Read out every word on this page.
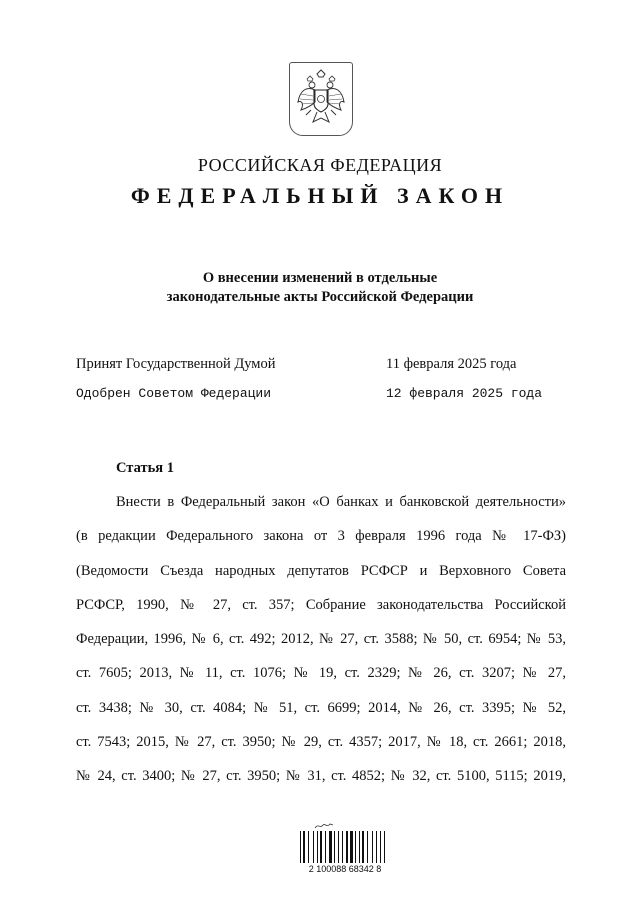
РОССИЙСКАЯ ФЕДЕРАЦИЯ
ФЕДЕРАЛЬНЫЙ ЗАКОН
О внесении изменений в отдельные
законодательные акты Российской Федерации
Принят Государственной Думой	11 февраля 2025 года
Одобрен Советом Федерации	12 февраля 2025 года
Статья 1
Внести в Федеральный закон «О банках и банковской деятельности»
(в редакции Федерального закона от 3 февраля 1996 года № 17-ФЗ)
(Ведомости Съезда народных депутатов РСФСР и Верховного Совета
РСФСР, 1990, № 27, ст. 357; Собрание законодательства Российской
Федерации, 1996, № 6, ст. 492; 2012, № 27, ст. 3588; № 50, ст. 6954; № 53,
ст. 7605; 2013, № 11, ст. 1076; № 19, ст. 2329; № 26, ст. 3207; № 27,
ст. 3438; № 30, ст. 4084; № 51, ст. 6699; 2014, № 26, ст. 3395; № 52,
ст. 7543; 2015, № 27, ст. 3950; № 29, ст. 4357; 2017, № 18, ст. 2661; 2018,
№ 24, ст. 3400; № 27, ст. 3950; № 31, ст. 4852; № 32, ст. 5100, 5115; 2019,
2 100088 68342 8
